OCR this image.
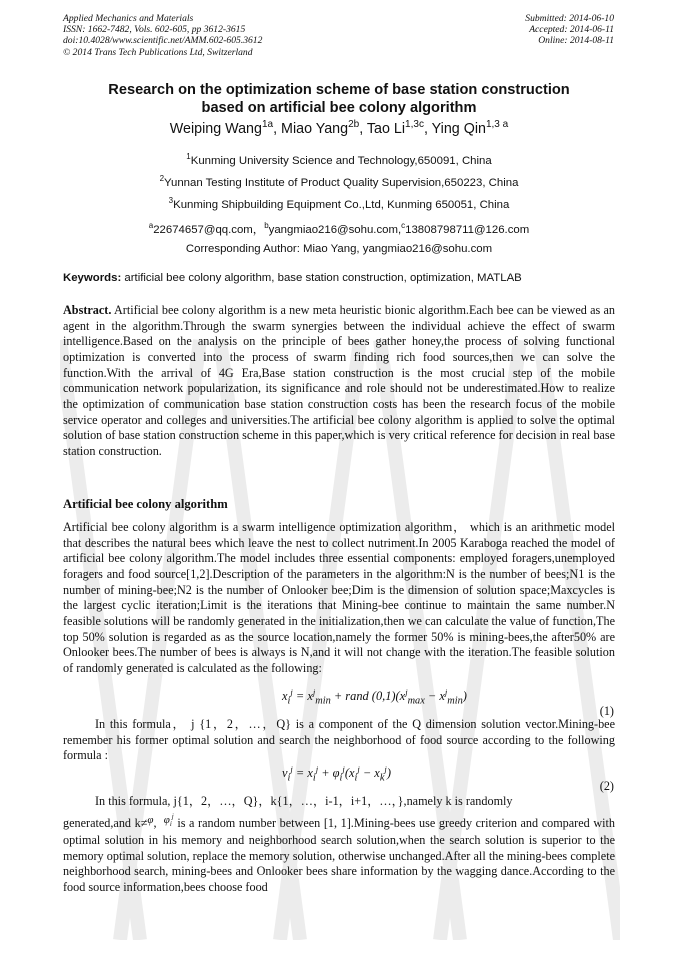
Applied Mechanics and Materials
ISSN: 1662-7482, Vols. 602-605, pp 3612-3615
doi:10.4028/www.scientific.net/AMM.602-605.3612
© 2014 Trans Tech Publications Ltd, Switzerland
Submitted: 2014-06-10
Accepted: 2014-06-11
Online: 2014-08-11
Research on the optimization scheme of base station construction
based on artificial bee colony algorithm
Weiping Wang$^{1a}$, Miao Yang$^{2b}$, Tao $Li^{1,3c}$, Ying Qin$^{1,3 a}$
$^1$Kunming University Science and Technology,650091, China
$^2$Yunnan Testing Institute of Product Quality Supervision,650223, China
$^3$Kunming Shipbuilding Equipment Co.,Ltd, Kunming 650051, China
$^a$22674657@qq.com，$^b$yangmiao216@sohu.com,$^c$13808798711@126.com
Corresponding Author: Miao Yang, yangmiao216@sohu.com
Keywords: artificial bee colony algorithm, base station construction, optimization, MATLAB

Abstract. Artificial bee colony algorithm is a new meta heuristic bionic algorithm.Each bee can be viewed as an agent in the algorithm.Through the swarm synergies between the individual achieve the effect of swarm intelligence.Based on the analysis on the principle of bees gather honey,the process of solving functional optimization is converted into the process of swarm finding rich food sources,then we can solve the function.With the arrival of 4G Era,Base station construction is the most crucial step of the mobile communication network popularization, its significance and role should not be underestimated.How to realize the optimization of communication base station construction costs has been the research focus of the mobile service operator and colleges and universities.The artificial bee colony algorithm is applied to solve the optimal solution of base station construction scheme in this paper,which is very critical reference for decision in real base station construction.

Artificial bee colony algorithm

Artificial bee colony algorithm is a swarm intelligence optimization algorithm， which is an arithmetic model that describes the natural bees which leave the nest to collect nutriment.In 2005 Karaboga reached the model of artificial bee colony algorithm.The model includes three essential components: employed foragers,unemployed foragers and food source[1,2].Description of the parameters in the algorithm:N is the number of bees;N1 is the number of mining-bee;N2 is the number of Onlooker bee;Dim is the dimension of solution space;Maxcycles is the largest cyclic iteration;Limit is the iterations that Mining-bee continue to maintain the same number.N feasible solutions will be randomly generated in the initialization,then we can calculate the value of function,The top 50% solution is regarded as as the source location,namely the former 50% is mining-bees,the after50% are Onlooker bees.The number of bees is always is N,and it will not change with the iteration.The feasible solution of randomly generated is calculated as the following:

$x_i^j = x^j_{min}$ + rand $(0,1)(x^j_{max} - x^j_{min})$
(1)

In this formula， j {1，2，…，Q} is a component of the Q dimension solution vector.Mining-bee remember his former optimal solution and search the neighborhood of food source according to the following formula :

$v_i^j = x_i^j + \varphi_i^j(x_i^j - x_k^j)$
(2)

In this formula, j{1，2，…，Q}，k{1，…，i-1，i+1，…，},namely k is randomly

generated,and k≠φ,  $\varphi_i^j$ is a random number between [1, 1].Mining-bees use greedy criterion and compared with optimal solution in his memory and neighborhood search solution,when the search solution is superior to the memory optimal solution, replace the memory solution, otherwise unchanged.After all the mining-bees complete neighborhood search, mining-bees and Onlooker bees share information by the wagging dance.According to the food source information,bees choose food
